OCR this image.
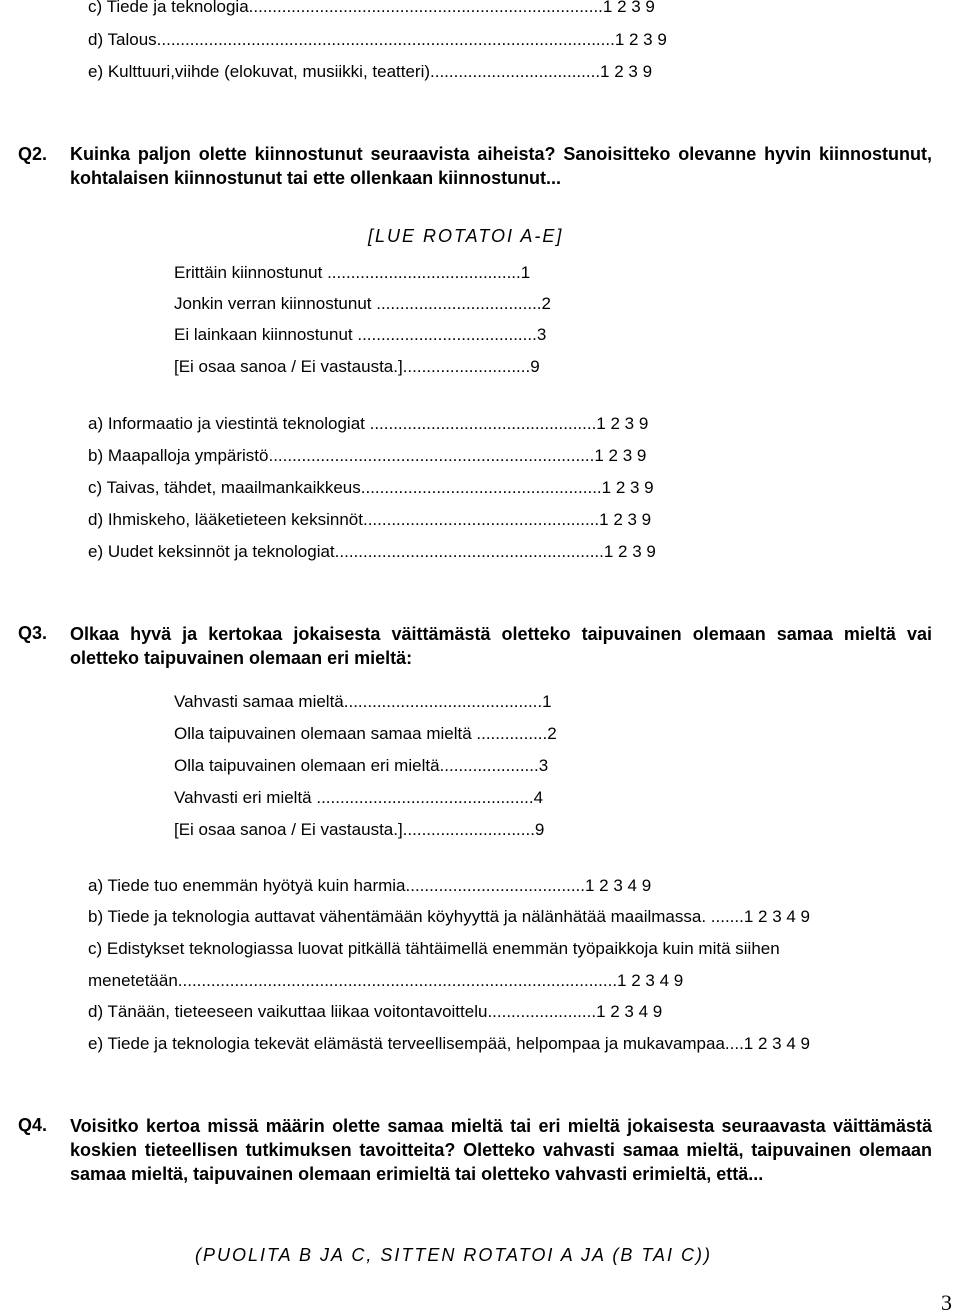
c) Tiede ja teknologia...........................................................................1 2 3 9
d) Talous.................................................................................................1 2 3 9
e) Kulttuuri,viihde (elokuvat, musiikki, teatteri)....................................1 2 3 9
Q2. Kuinka paljon olette kiinnostunut seuraavista aiheista? Sanoisitteko olevanne hyvin kiinnostunut, kohtalaisen kiinnostunut tai ette ollenkaan kiinnostunut...
[LUE ROTATOI A-E]
Erittäin kiinnostunut .........................................1
Jonkin verran kiinnostunut ...................................2
Ei lainkaan kiinnostunut ......................................3
[Ei osaa sanoa / Ei vastausta.]...........................9
a) Informaatio ja viestintä teknologiat ................................................1 2 3 9
b) Maapalloja ympäristö.....................................................................1 2 3 9
c) Taivas, tähdet, maailmankaikkeus...................................................1 2 3 9
d) Ihmiskeho, lääketieteen keksinnöt..................................................1 2 3 9
e) Uudet keksinnöt ja teknologiat.........................................................1 2 3 9
Q3. Olkaa hyvä ja kertokaa jokaisesta väittämästä oletteko taipuvainen olemaan samaa mieltä vai oletteko taipuvainen olemaan eri mieltä:
Vahvasti samaa mieltä..........................................1
Olla taipuvainen olemaan samaa mieltä ...............2
Olla taipuvainen olemaan eri mieltä.....................3
Vahvasti eri mieltä ..............................................4
[Ei osaa sanoa / Ei vastausta.]............................9
a) Tiede tuo enemmän hyötyä kuin harmia......................................1 2 3 4 9
b) Tiede ja teknologia auttavat vähentämään köyhyyttä ja nälänhätää maailmassa. .......1 2 3 4 9
c) Edistykset teknologiassa luovat pitkällä tähtäimellä enemmän työpaikkoja kuin mitä siihen
menetetään.............................................................................................1 2 3 4 9
d) Tänään, tieteeseen vaikuttaa liikaa voitontavoittelu.......................1 2 3 4 9
e) Tiede ja teknologia tekevät elämästä terveellisempää, helpompaa ja mukavampaa....1 2 3 4 9
Q4. Voisitko kertoa missä määrin olette samaa mieltä tai eri mieltä jokaisesta seuraavasta väittämästä koskien tieteellisen tutkimuksen tavoitteita? Oletteko vahvasti samaa mieltä, taipuvainen olemaan samaa mieltä, taipuvainen olemaan erimieltä tai oletteko vahvasti erimieltä, että...
(PUOLITA B JA C, SITTEN ROTATOI A JA (B TAI C))
3
